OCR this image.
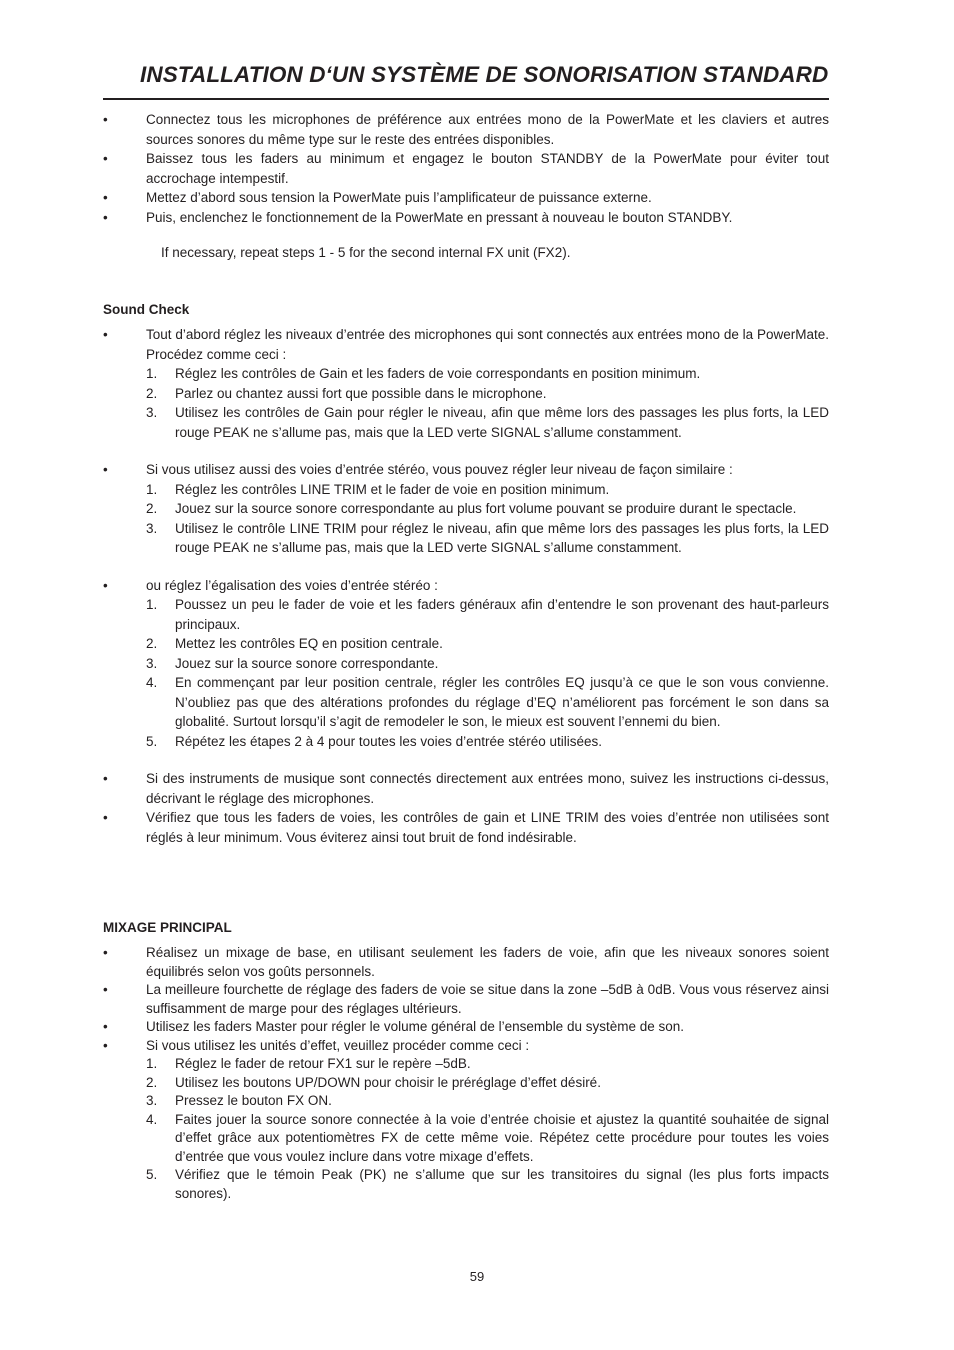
INSTALLATION D‘UN SYSTÈME DE SONORISATION STANDARD
•	Connectez tous les microphones de préférence aux entrées mono de la PowerMate et les claviers et autres sources sonores du même type sur le reste des entrées disponibles.
•	Baissez tous les faders au minimum et engagez le bouton STANDBY de la PowerMate pour éviter tout accrochage intempestif.
•	Mettez d’abord sous tension la PowerMate puis l’amplificateur de puissance externe.
•	Puis, enclenchez le fonctionnement de la PowerMate en pressant à nouveau le bouton STANDBY.
If necessary, repeat steps 1 - 5 for the second internal FX unit (FX2).
Sound Check
•	Tout d’abord réglez les niveaux d’entrée des microphones qui sont connectés aux entrées mono de la PowerMate. Procédez comme ceci :
1.	Réglez les contrôles de Gain et les faders de voie correspondants en position minimum.
2.	Parlez ou chantez aussi fort que possible dans le microphone.
3.	Utilisez les contrôles de Gain pour régler le niveau, afin que même lors des passages les plus forts, la LED rouge PEAK ne s’allume pas, mais que la LED verte SIGNAL s’allume constamment.
•	Si vous utilisez aussi des voies d’entrée stéréo, vous pouvez régler leur niveau de façon similaire :
1.	Réglez les contrôles LINE TRIM et le fader de voie en position minimum.
2.	Jouez sur la source sonore correspondante au plus fort volume pouvant se produire durant le spectacle.
3.	Utilisez le contrôle LINE TRIM pour réglez le niveau, afin que même lors des passages les plus forts, la LED rouge PEAK ne s’allume pas, mais que la LED verte SIGNAL s’allume constamment.
•	ou réglez l’égalisation des voies d’entrée stéréo :
1.	Poussez un peu le fader de voie et les faders généraux afin d’entendre le son provenant des haut-parleurs principaux.
2.	Mettez les contrôles EQ en position centrale.
3.	Jouez sur la source sonore correspondante.
4.	En commençant par leur position centrale, régler les contrôles EQ jusqu’à ce que le son vous convienne. N’oubliez pas que des altérations profondes du réglage d’EQ n’améliorent pas forcément le son dans sa globalité. Surtout lorsqu’il s’agit de remodeler le son, le mieux est souvent l’ennemi du bien.
5.	Répétez les étapes 2 à 4 pour toutes les voies d’entrée stéréo utilisées.
•	Si des instruments de musique sont connectés directement aux entrées mono, suivez les instructions ci-dessus, décrivant le réglage des microphones.
•	Vérifiez que tous les faders de voies, les contrôles de gain et LINE TRIM des voies d’entrée non utilisées sont réglés à leur minimum. Vous éviterez ainsi tout bruit de fond indésirable.
MIXAGE PRINCIPAL
•	Réalisez un mixage de base, en utilisant seulement les faders de voie, afin que les niveaux sonores soient équilibrés selon vos goûts personnels.
•	La meilleure fourchette de réglage des faders de voie se situe dans la zone –5dB à 0dB. Vous vous réservez ainsi suffisamment de marge pour des réglages ultérieurs.
•	Utilisez les faders Master pour régler le volume général de l’ensemble du système de son.
•	Si vous utilisez les unités d’effet, veuillez procéder comme ceci :
1.	Réglez le fader de retour FX1 sur le repère –5dB.
2.	Utilisez les boutons UP/DOWN pour choisir le préréglage d’effet désiré.
3.	Pressez le bouton FX ON.
4.	Faites jouer la source sonore connectée à la voie d’entrée choisie et ajustez la quantité souhaitée de signal d’effet grâce aux potentiomètres FX de cette même voie. Répétez cette procédure pour toutes les voies d’entrée que vous voulez inclure dans votre mixage d’effets.
5.	Vérifiez que le témoin Peak (PK) ne s’allume que sur les transitoires du signal (les plus forts impacts sonores).
59
